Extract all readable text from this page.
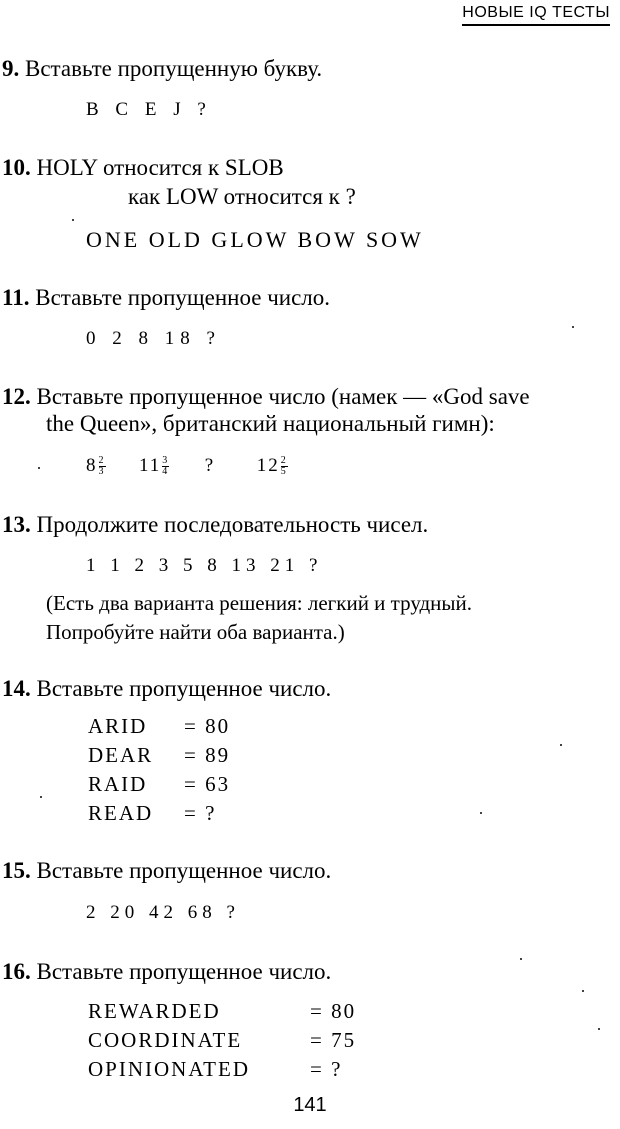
НОВЫЕ IQ ТЕСТЫ
9. Вставьте пропущенную букву.
B C E J ?
10. HOLY относится к SLOB
как LOW относится к ?
ONE OLD GLOW BOW SOW
11. Вставьте пропущенное число.
0 2 8 18 ?
12. Вставьте пропущенное число (намек — «God save
the Queen», британский национальный гимн):
$8 \frac{2}{3} 11 \frac{3}{4}$ ? $12 \frac{2}{5}$
13. Продолжите последовательность чисел.
1 1 2 3 5 8 13 21 ?
(Есть два варианта решения: легкий и трудный.
Попробуйте найти оба варианта.)
14. Вставьте пропущенное число.
ARID = 80
DEAR = 89
RAID = 63
READ = ?
15. Вставьте пропущенное число.
2 20 42 68 ?
16. Вставьте пропущенное число.
REWARDED	= 80
COORDINATE	= 75
OPINIONATED	= ?
141
